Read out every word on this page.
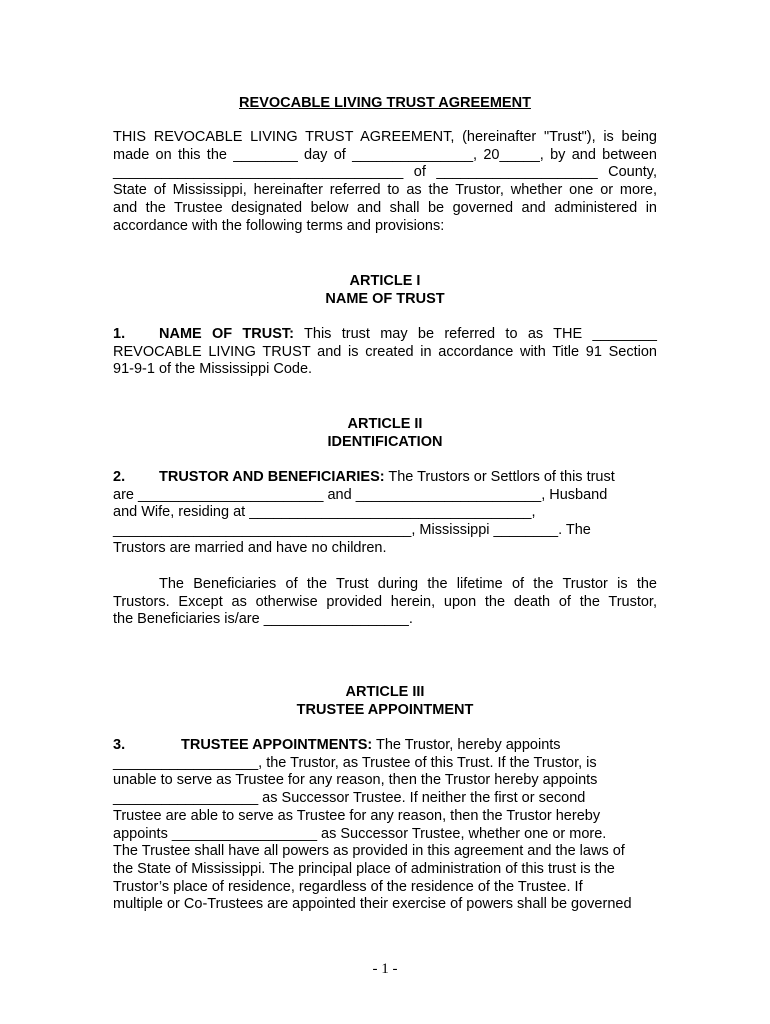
REVOCABLE LIVING TRUST AGREEMENT
THIS REVOCABLE LIVING TRUST AGREEMENT, (hereinafter "Trust"), is being
made on this the ________ day of _______________, 20_____, by and between
____________________________________ of ____________________ County,
State of Mississippi, hereinafter referred to as the Trustor, whether one or more,
and the Trustee designated below and shall be governed and administered in
accordance with the following terms and provisions:
ARTICLE I
NAME OF TRUST
1. NAME OF TRUST: This trust may be referred to as THE ________
REVOCABLE LIVING TRUST and is created in accordance with Title 91 Section
91-9-1 of the Mississippi Code.
ARTICLE II
IDENTIFICATION
2. TRUSTOR AND BENEFICIARIES: The Trustors or Settlors of this trust
are _______________________ and _______________________, Husband
and Wife, residing at ___________________________________,
_____________________________________, Mississippi ________. The
Trustors are married and have no children.
The Beneficiaries of the Trust during the lifetime of the Trustor is the
Trustors. Except as otherwise provided herein, upon the death of the Trustor,
the Beneficiaries is/are __________________.
ARTICLE III
TRUSTEE APPOINTMENT
3.	TRUSTEE APPOINTMENTS: The Trustor, hereby appoints
__________________, the Trustor, as Trustee of this Trust. If the Trustor, is
unable to serve as Trustee for any reason, then the Trustor hereby appoints
__________________ as Successor Trustee. If neither the first or second
Trustee are able to serve as Trustee for any reason, then the Trustor hereby
appoints __________________ as Successor Trustee, whether one or more.
The Trustee shall have all powers as provided in this agreement and the laws of
the State of Mississippi. The principal place of administration of this trust is the
Trustor’s place of residence, regardless of the residence of the Trustee. If
multiple or Co-Trustees are appointed their exercise of powers shall be governed
- 1 -
